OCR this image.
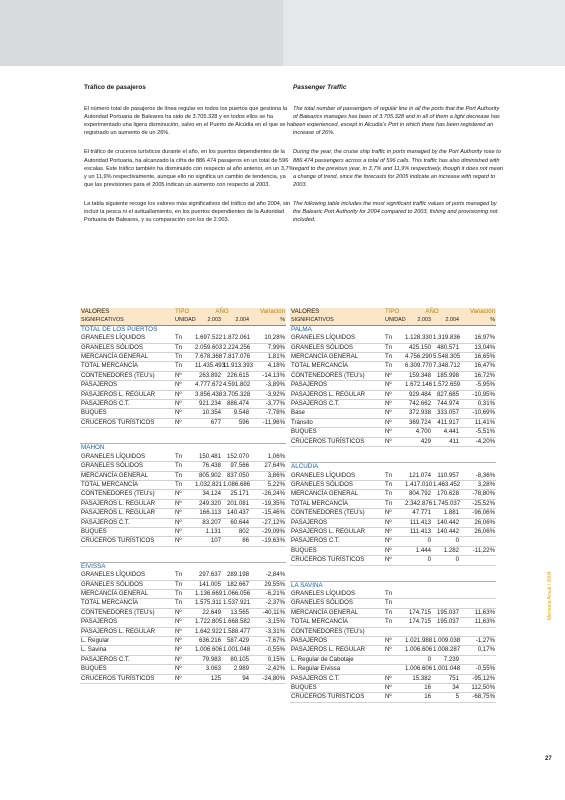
Tráfico de pasajeros

El número total de pasajeros de línea regular en todos los puertos que gestiona la Autoridad Portuaria de Baleares ha sido de 3.705.328 y en todos ellos se ha experimentado una ligera disminución, salvo en el Puerto de Alcúdia en el que se ha registrado un aumento de un 26%.

El tráfico de cruceros turísticos durante el año, en los puertos dependientes de la Autoridad Portuaria, ha alcanzado la cifra de 886.474 pasajeros en un total de 596 escalas. Este tráfico también ha disminuido con respecto al año anterior, en un 3,7% y un 11,9% respectivamente, aunque ello no significa un cambio de tendencia, ya que las previsiones para el 2005 indican un aumento con respecto al 2003.

La tabla siguiente recoge los valores más significativos del tráfico del año 2004, sin incluir la pesca ni el avituallamiento, en los puertos dependientes de la Autoridad Portuaria de Baleares, y su comparación con los de 2.003.

Passenger Traffic

The total number of passengers of regular line in all the ports that the Port Authority of Balearics manages has been of 3.705.328 and in all of them a light decrease has been experienced, except in Alcudia's Port in which there has been registered an increase of 26%.

During the year, the cruise ship traffic in ports managed by the Port Authority rose to 886.474 passengers across a total of 596 calls. This traffic has also diminished with regard to the previous year, in 3,7% and 11,9% respectively, though it does not mean a change of trend, since the forecasts for 2005 indicate an increase with regard to 2003.

The following table includes the most significant traffic values of ports managed by the Balearic Port Authority for 2004 compared to 2003, fishing and provisioning not included.

VALORES	TIPO	AÑO		Variación
SIGNIFICATIVOS	UNIDAD	2.003	2.004	%
TOTAL DE LOS PUERTOS				
GRANELES LÍQUIDOS	Tn	1.697.522	1.872.061	10,28%
GRANELES SÓLIDOS	Tn	2.059.603	2.224.256	7,99%
MERCANCÍA GENERAL	Tn	7.678.368	7.817.076	1,81%
TOTAL MERCANCÍA	Tn	11.435.493	11.913.393	4,18%
CONTENEDORES (TEU's)	Nº	263.892	226.615	-14,13%
PASAJEROS	Nº	4.777.672	4.591.802	-3,89%
PASAJEROS L. REGULAR	Nº	3.856.438	3.705.328	-3,92%
PASAJEROS C.T.	Nº	921.234	886.474	-3,77%
BUQUES	Nº	10.354	9.548	-7,78%
CRUCEROS TURÍSTICOS	Nº	677	596	-11,96%

MAHON				
GRANELES LÍQUIDOS	Tn	150.481	152.070	1,06%
GRANELES SÓLIDOS	Tn	76.438	97.566	27,64%
MERCANCÍA GENERAL	Tn	805.902	837.050	3,86%
TOTAL MERCANCÍA	Tn	1.032.821	1.086.686	5,22%
CONTENEDORES (TEU's)	Nº	34.124	25.171	-26,24%
PASAJEROS L. REGULAR	Nº	249.320	201.081	-19,35%
PASAJEROS L. REGULAR	Nº	166.113	140.437	-15,46%
PASAJEROS C.T.	Nº	83.207	60.644	-27,12%
BUQUES	Nº	1.131	802	-29,09%
CRUCEROS TURÍSTICOS	Nº	107	86	-19,63%

EIVISSA				
GRANELES LÍQUIDOS	Tn	297.637	289.198	-2,84%
GRANELES SÓLIDOS	Tn	141.005	182.667	29,55%
MERCANCÍA GENERAL	Tn	1.136.669	1.066.056	-6,21%
TOTAL MERCANCÍA	Tn	1.575.311	1.537.921	-2,37%
CONTENEDORES (TEU's)	Nº	22.649	13.565	-40,11%
PASAJEROS	Nº	1.722.805	1.668.582	-3,15%
PASAJEROS L. REGULAR	Nº	1.642.922	1.588.477	-3,31%
L. Regular	Nº	636.216	587.429	-7,67%
L. Savina	Nº	1.006.606	1.001.048	-0,55%
PASAJEROS C.T.	Nº	79.983	80.105	0,15%
BUQUES	Nº	3.063	2.989	-2,42%
CRUCEROS TURÍSTICOS	Nº	125	94	-24,80%
VALORES	TIPO	AÑO		Variación
SIGNIFICATIVOS	UNIDAD	2.003	2.004	%
PALMA				
GRANELES LÍQUIDOS	Tn	1.128.330	1.319.836	16,97%
GRANELES SÓLIDOS	Tn	425.150	480.571	13,04%
MERCANCÍA GENERAL	Tn	4.756.290	5.548.305	16,65%
TOTAL MERCANCÍA	Tn	6.309.770	7.348.712	16,47%
CONTENEDORES (TEU's)	Nº	159.348	185.998	16,72%
PASAJEROS	Nº	1.672.146	1.572.659	-5,95%
PASAJEROS L. REGULAR	Nº	929.484	827.685	-10,95%
PASAJEROS C.T.	Nº	742.662	744.974	0,31%
Base	Nº	372.938	333.057	-10,69%
Tránsito	Nº	369.724	411.917	11,41%
BUQUES	Nº	4.700	4.441	-5,51%
CRUCEROS TURÍSTICOS	Nº	429	411	-4,20%

ALCUDIA				
GRANELES LÍQUIDOS	Tn	121.074	110.957	-8,36%
GRANELES SÓLIDOS	Tn	1.417.010	1.463.452	3,28%
MERCANCÍA GENERAL	Tn	804.792	170.628	-78,80%
TOTAL MERCANCÍA	Tn	2.342.876	1.745.037	-25,52%
CONTENEDORES (TEU's)	Nº	47.771	1.881	-96,06%
PASAJEROS	Nº	111.413	140.442	26,06%
PASAJEROS L. REGULAR	Nº	111.413	140.442	26,06%
PASAJEROS C.T.	Nº	0	0	
BUQUES	Nº	1.444	1.282	-11,22%
CRUCEROS TURÍSTICOS	Nº	0	0	

LA SAVINA				
GRANELES LÍQUIDOS	Tn			
GRANELES SÓLIDOS	Tn			
MERCANCÍA GENERAL	Tn	174.715	195.037	11,63%
TOTAL MERCANCÍA	Tn	174.715	195.037	11,63%
CONTENEDORES (TEU's)				
PASAJEROS	Nº	1.021.988	1.009.038	-1,27%
PASAJEROS L. REGULAR	Nº	1.006.606	1.008.287	0,17%
L. Regular de Cabotaje		0	7.239	
L. Regular Eivissa		1.006.606	1.001.048	-0,55%
PASAJEROS C.T.	Nº	15.382	751	-95,12%
BUQUES	Nº	16	34	112,50%
CRUCEROS TURÍSTICOS	Nº	16	5	-68,75%
Memoria Anual / 2004
27
